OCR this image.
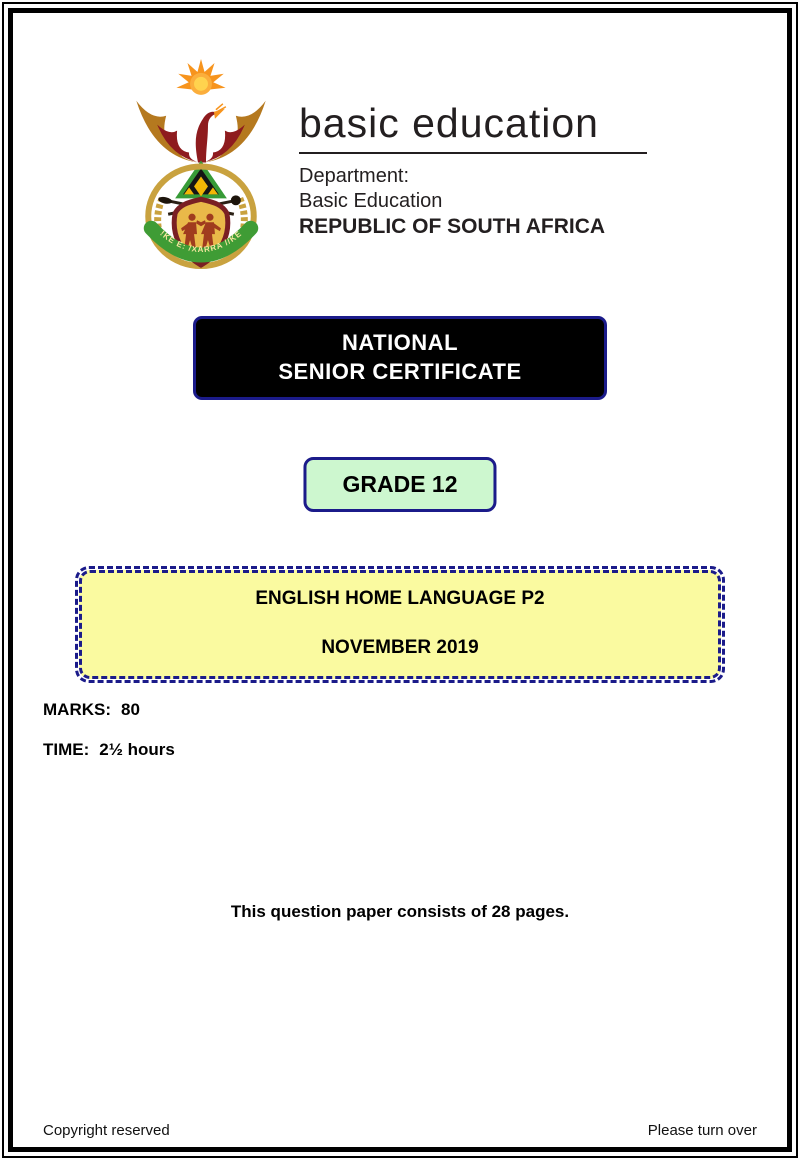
!KE E: /XARRA //KE
basic education
Department:
Basic Education
REPUBLIC OF SOUTH AFRICA
NATIONAL
SENIOR CERTIFICATE
GRADE 12
ENGLISH HOME LANGUAGE P2
NOVEMBER 2019
MARKS: 80
TIME: 2½ hours
This question paper consists of 28 pages.
Copyright reserved	Please turn over
